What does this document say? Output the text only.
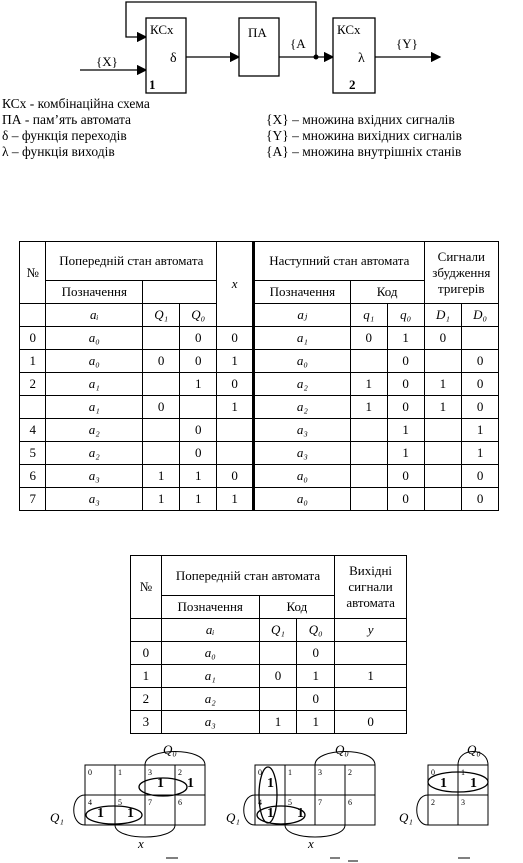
КСх
δ
1
ПА	КСх
λ
2
{X}
{A	{Y}
КСх - комбінаційна схема
ПА - пам’ять автомата
δ – функція переходів
λ – функція виходів
{X} – множина вхідних сигналів
{Y} – множина вихідних сигналів
{A} – множина внутрішніх станів
№	Попередній стан автомата			x	Наступний стан автомата			Сигнали збудження тригерів	
	Позначення				Позначення	Код			
	aᵢ	Q₁	Q₀		aⱼ	q₁	q₀	D₁	D₀
0	a₀		0	0	a₁	0	1	0	
1	a₀	0	0	1	a₀		0		0
2	a₁		1	0	a₂	1	0	1	0
	a₁	0		1	a₂	1	0	1	0
4	a₂		0		a₃		1		1
5	a₂		0		a₃		1		1
6	a₃	1	1	0	a₀		0		0
7	a₃	1	1	1	a₀		0		0
№	Попередній стан автомата			Вихідні сигнали автомата
	Позначення	Код		
	aᵢ	Q₁	Q₀	y
0	a₀		0	
1	a₁	0	1	1
2	a₂		0	
3	a₃	1	1	0
Q₀
Q₁
x
0	1	3
1
2
1
4
1
5
1
7	6
Q₀
Q₁
x
0
1
1	3	2
4
1
5
1
7	6
Q₀
Q₁
0
1
1
1
2	3
